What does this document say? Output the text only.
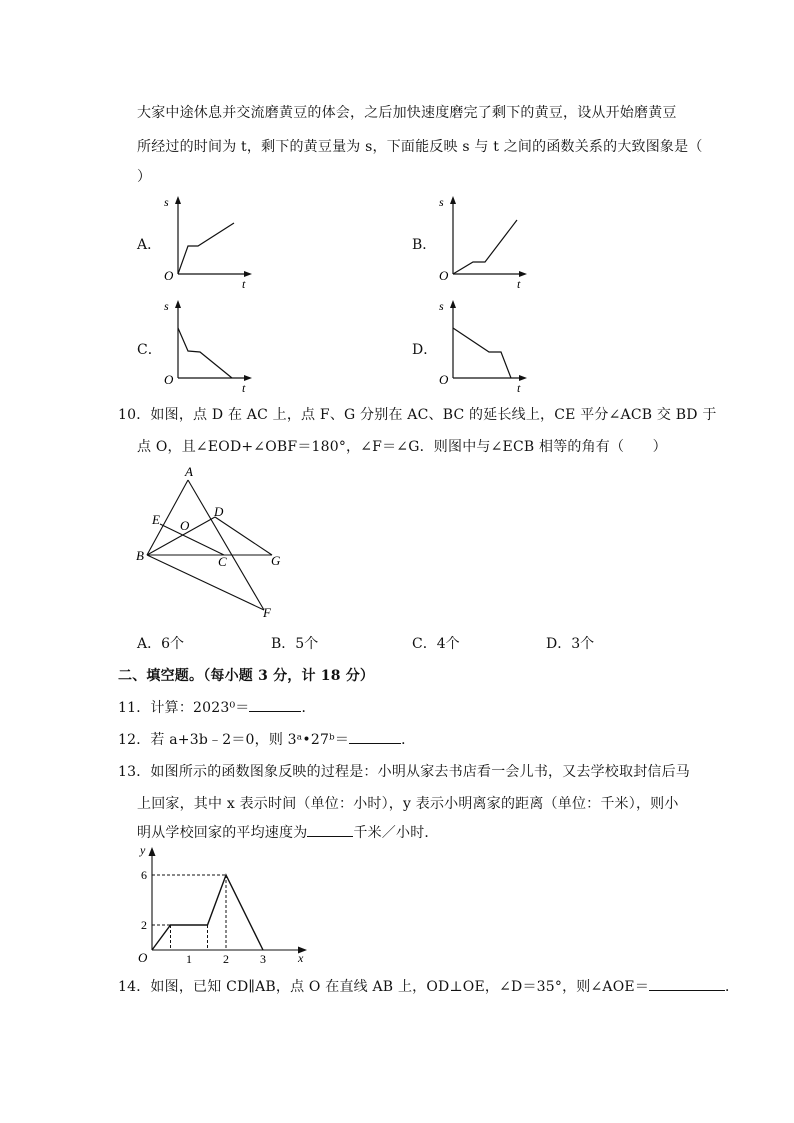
大家中途休息并交流磨黄豆的体会，之后加快速度磨完了剩下的黄豆，设从开始磨黄豆
所经过的时间为 t，剩下的黄豆量为 s，下面能反映 s 与 t 之间的函数关系的大致图象是（
）
A．
s
t
O
B．
s
t
O
C．
s
t
O
D．
s
t
O
10．如图，点 D 在 AC 上，点 F、G 分别在 AC、BC 的延长线上，CE 平分∠ACB 交 BD 于
点 O，且∠EOD+∠OBF＝180°，∠F＝∠G．则图中与∠ECB 相等的角有（　　）
A
B	C
D
E
F
G
O
A．6个	B．5个	C．4个	D．3个
二、填空题。（每小题 3 分，计 18 分）
11．计算：2023⁰＝	．
12．若 a+3b﹣2＝0，则 3ᵃ•27ᵇ＝	．
13．如图所示的函数图象反映的过程是：小明从家去书店看一会儿书，又去学校取封信后马
上回家，其中 x 表示时间（单位：小时），y 表示小明离家的距离（单位：千米），则小
明从学校回家的平均速度为	千米／小时．
1	2	3
2
6
y
x
O
14．如图，已知 CD∥AB，点 O 在直线 AB 上，OD⊥OE，∠D＝35°，则∠AOE＝	．
